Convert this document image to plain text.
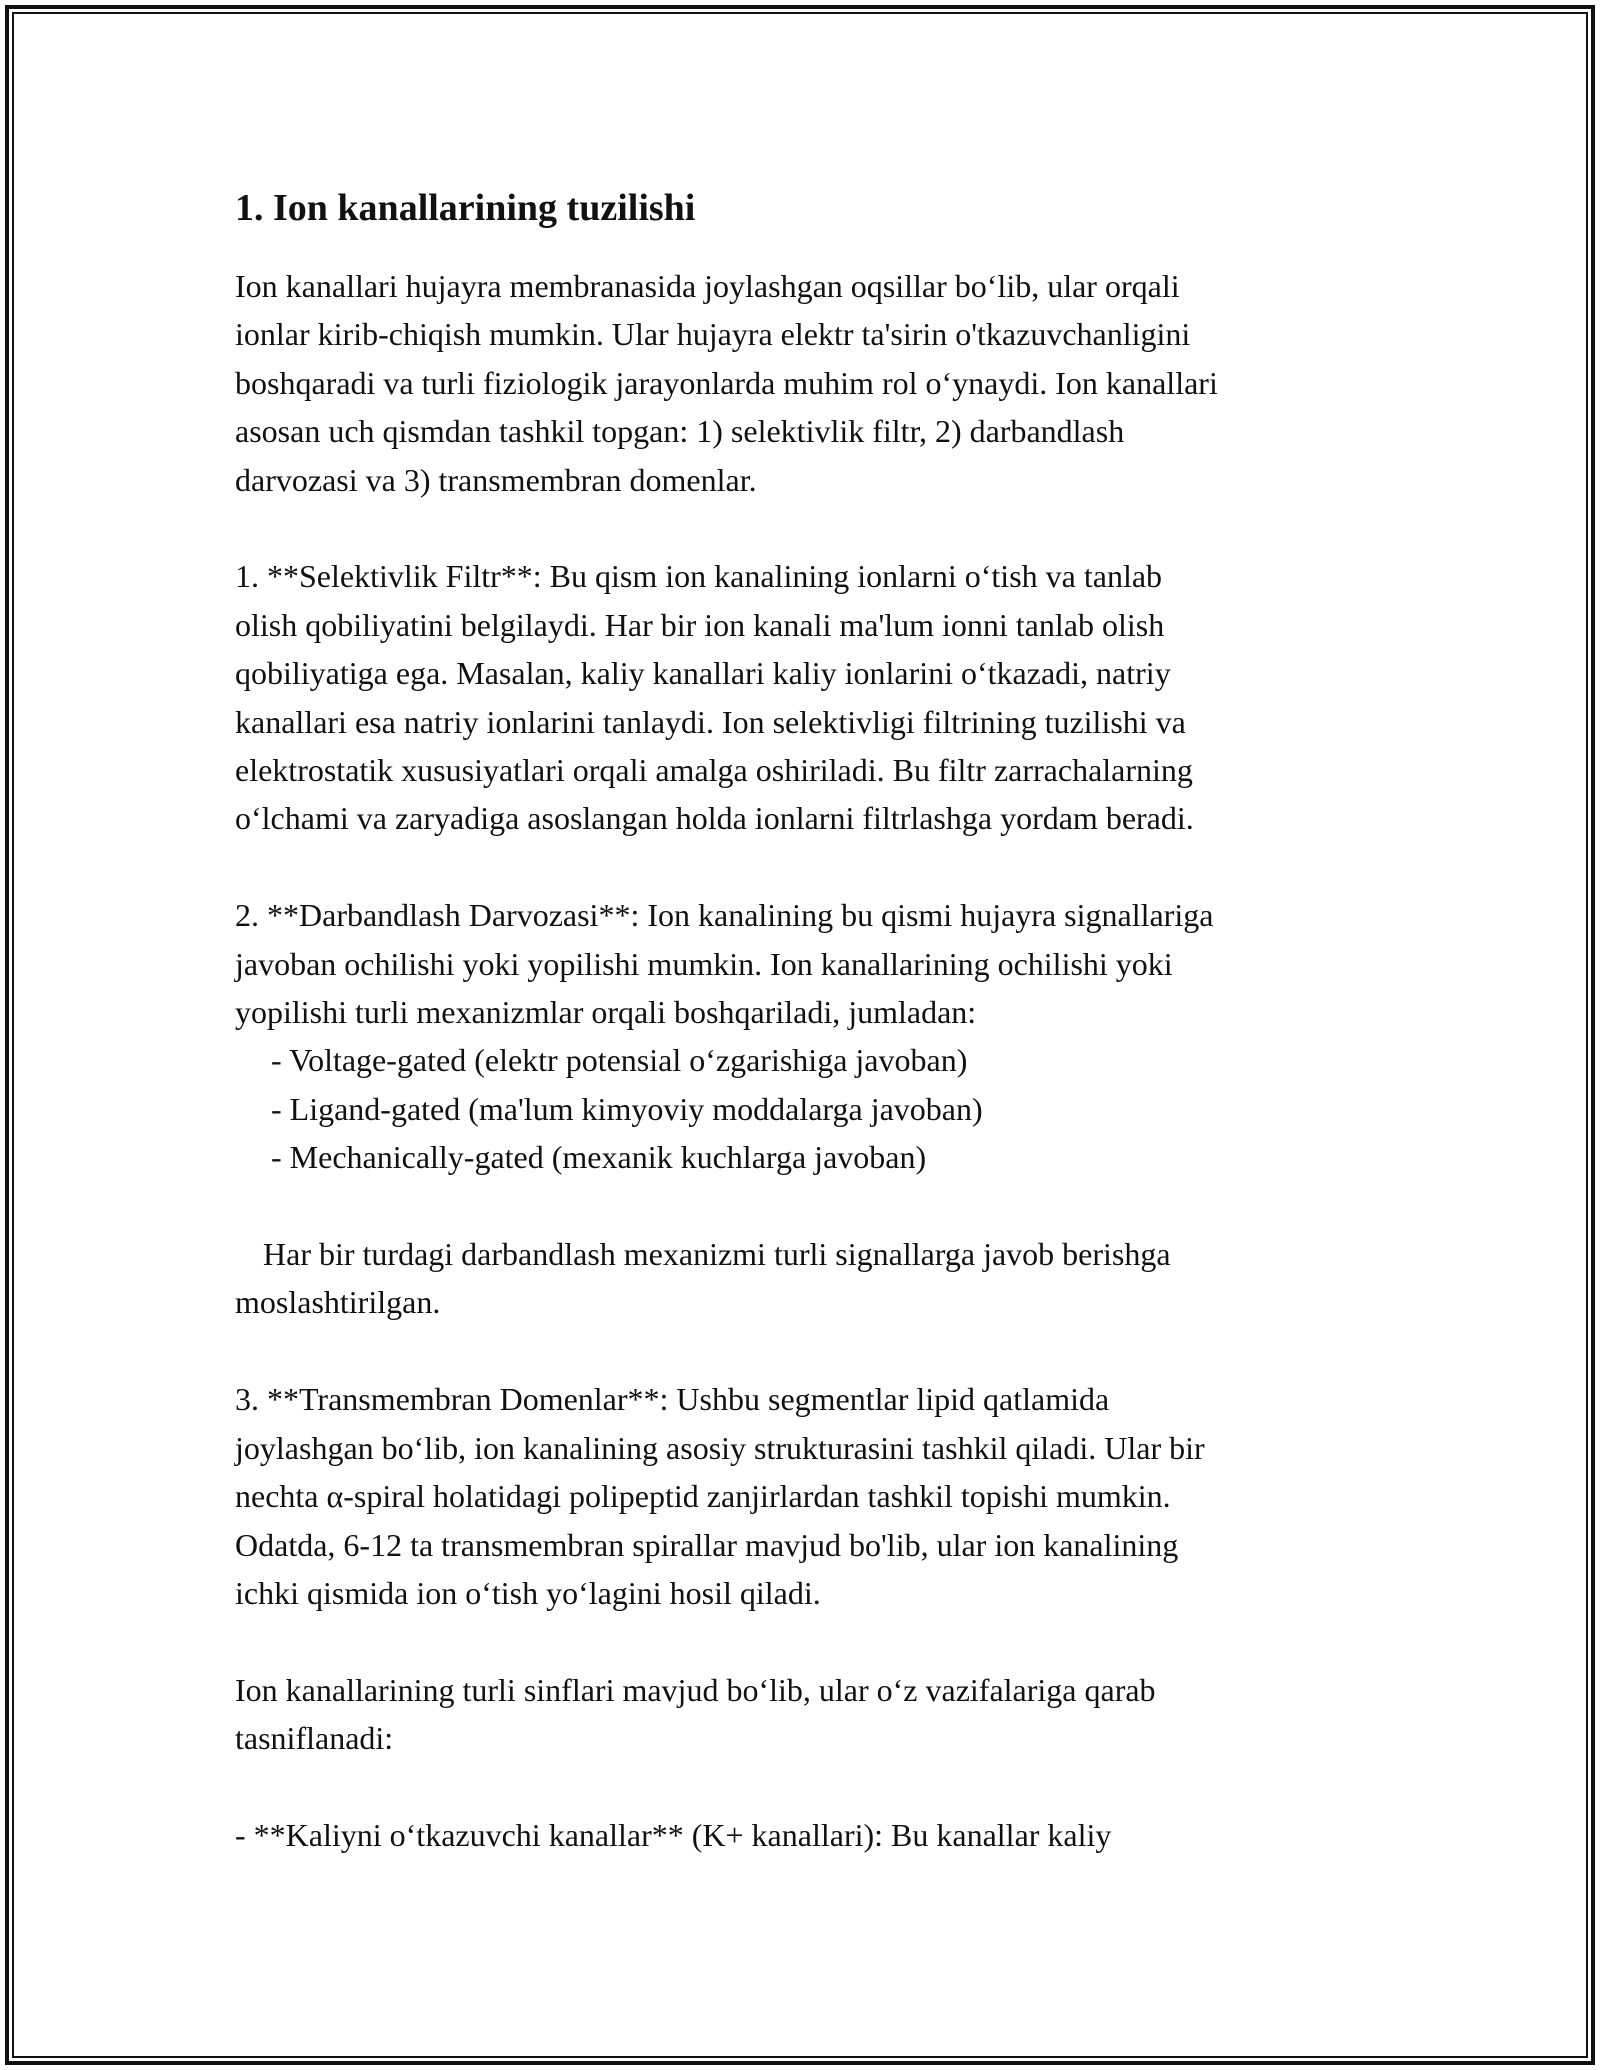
1. Ion kanallarining tuzilishi
Ion kanallari hujayra membranasida joylashgan oqsillar bo‘lib, ular orqali
ionlar kirib-chiqish mumkin. Ular hujayra elektr ta'sirin o'tkazuvchanligini
boshqaradi va turli fiziologik jarayonlarda muhim rol o‘ynaydi. Ion kanallari
asosan uch qismdan tashkil topgan: 1) selektivlik filtr, 2) darbandlash
darvozasi va 3) transmembran domenlar.
1. **Selektivlik Filtr**: Bu qism ion kanalining ionlarni o‘tish va tanlab
olish qobiliyatini belgilaydi. Har bir ion kanali ma'lum ionni tanlab olish
qobiliyatiga ega. Masalan, kaliy kanallari kaliy ionlarini o‘tkazadi, natriy
kanallari esa natriy ionlarini tanlaydi. Ion selektivligi filtrining tuzilishi va
elektrostatik xususiyatlari orqali amalga oshiriladi. Bu filtr zarrachalarning
o‘lchami va zaryadiga asoslangan holda ionlarni filtrlashga yordam beradi.
2. **Darbandlash Darvozasi**: Ion kanalining bu qismi hujayra signallariga
javoban ochilishi yoki yopilishi mumkin. Ion kanallarining ochilishi yoki
yopilishi turli mexanizmlar orqali boshqariladi, jumladan:
- Voltage-gated (elektr potensial o‘zgarishiga javoban)
- Ligand-gated (ma'lum kimyoviy moddalarga javoban)
- Mechanically-gated (mexanik kuchlarga javoban)
Har bir turdagi darbandlash mexanizmi turli signallarga javob berishga
moslashtirilgan.
3. **Transmembran Domenlar**: Ushbu segmentlar lipid qatlamida
joylashgan bo‘lib, ion kanalining asosiy strukturasini tashkil qiladi. Ular bir
nechta α-spiral holatidagi polipeptid zanjirlardan tashkil topishi mumkin.
Odatda, 6-12 ta transmembran spirallar mavjud bo'lib, ular ion kanalining
ichki qismida ion o‘tish yo‘lagini hosil qiladi.
Ion kanallarining turli sinflari mavjud bo‘lib, ular o‘z vazifalariga qarab
tasniflanadi:
- **Kaliyni o‘tkazuvchi kanallar** (K+ kanallari): Bu kanallar kaliy
